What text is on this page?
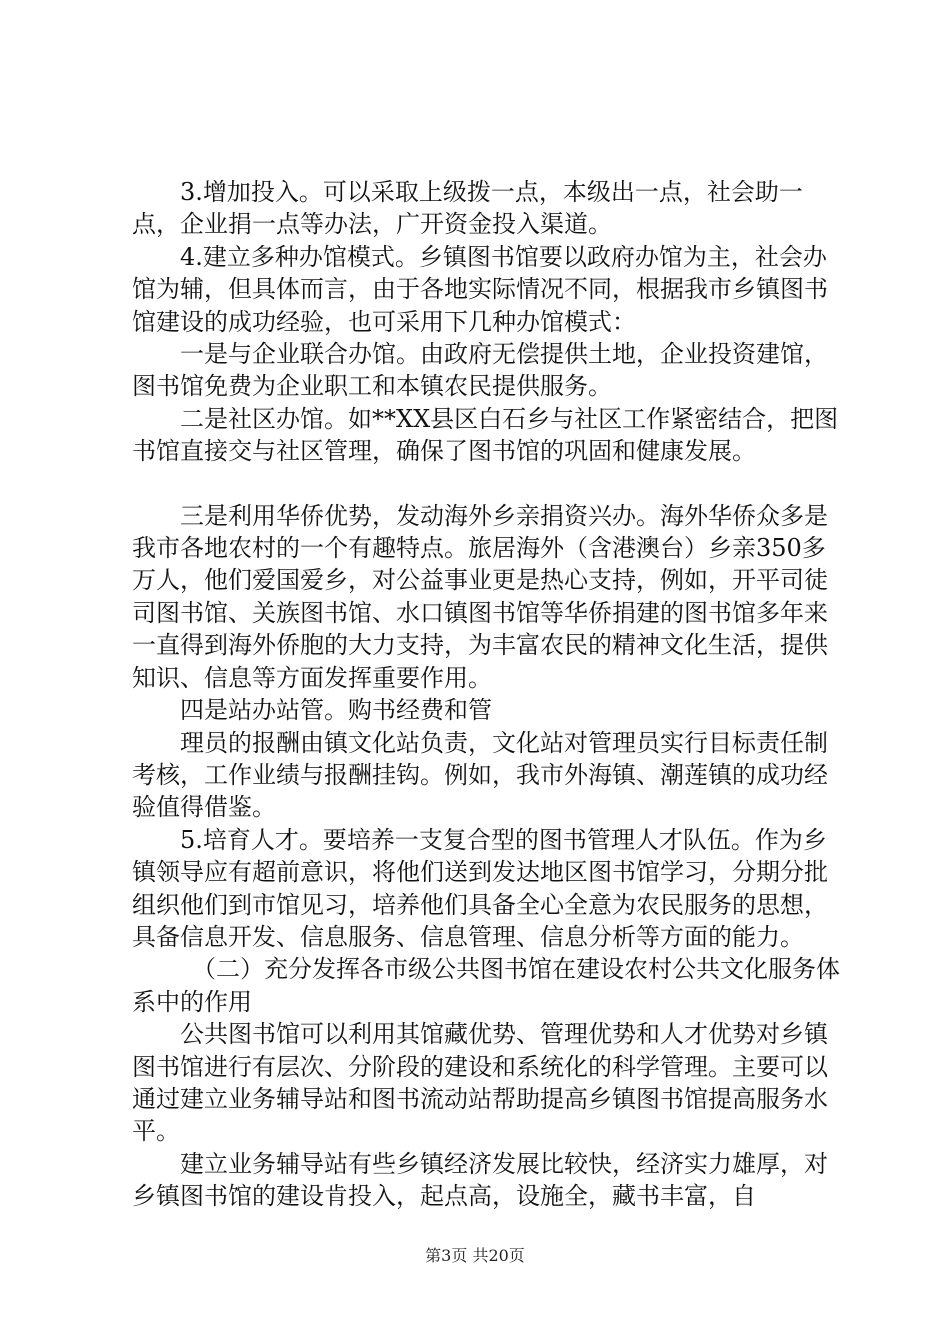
3.增加投入。可以采取上级拨一点，本级出一点，社会助一点，企业捐一点等办法，广开资金投入渠道。

4.建立多种办馆模式。乡镇图书馆要以政府办馆为主，社会办馆为辅，但具体而言，由于各地实际情况不同，根据我市乡镇图书馆建设的成功经验，也可采用下几种办馆模式：

一是与企业联合办馆。由政府无偿提供土地，企业投资建馆，图书馆免费为企业职工和本镇农民提供服务。

二是社区办馆。如**XX县区白石乡与社区工作紧密结合，把图书馆直接交与社区管理，确保了图书馆的巩固和健康发展。

三是利用华侨优势，发动海外乡亲捐资兴办。海外华侨众多是我市各地农村的一个有趣特点。旅居海外（含港澳台）乡亲350多万人，他们爱国爱乡，对公益事业更是热心支持，例如，开平司徒司图书馆、关族图书馆、水口镇图书馆等华侨捐建的图书馆多年来一直得到海外侨胞的大力支持，为丰富农民的精神文化生活，提供知识、信息等方面发挥重要作用。

四是站办站管。购书经费和管

理员的报酬由镇文化站负责，文化站对管理员实行目标责任制考核，工作业绩与报酬挂钩。例如，我市外海镇、潮莲镇的成功经验值得借鉴。

5.培育人才。要培养一支复合型的图书管理人才队伍。作为乡镇领导应有超前意识，将他们送到发达地区图书馆学习，分期分批组织他们到市馆见习，培养他们具备全心全意为农民服务的思想，具备信息开发、信息服务、信息管理、信息分析等方面的能力。

（二）充分发挥各市级公共图书馆在建设农村公共文化服务体系中的作用

公共图书馆可以利用其馆藏优势、管理优势和人才优势对乡镇图书馆进行有层次、分阶段的建设和系统化的科学管理。主要可以通过建立业务辅导站和图书流动站帮助提高乡镇图书馆提高服务水平。

建立业务辅导站有些乡镇经济发展比较快，经济实力雄厚，对乡镇图书馆的建设肯投入，起点高，设施全，藏书丰富，自

第3页 共20页
